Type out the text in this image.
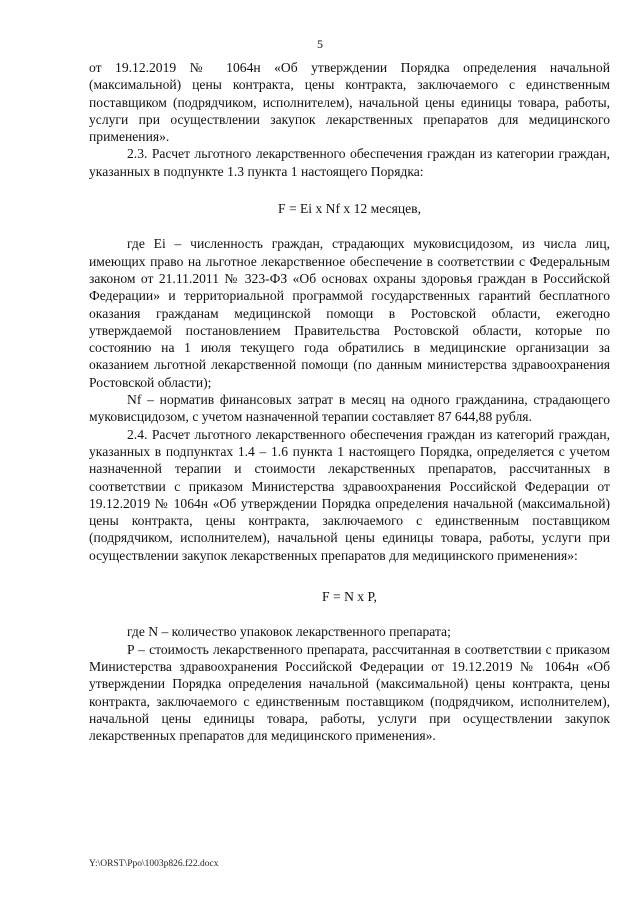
5

от 19.12.2019 № 1064н «Об утверждении Порядка определения начальной (максимальной) цены контракта, цены контракта, заключаемого с единственным поставщиком (подрядчиком, исполнителем), начальной цены единицы товара, работы, услуги при осуществлении закупок лекарственных препаратов для медицинского применения».

2.3. Расчет льготного лекарственного обеспечения граждан из категории граждан, указанных в подпункте 1.3 пункта 1 настоящего Порядка:

F = Ei x Nf x 12 месяцев,

где Ei – численность граждан, страдающих муковисцидозом, из числа лиц, имеющих право на льготное лекарственное обеспечение в соответствии с Федеральным законом от 21.11.2011 № 323-ФЗ «Об основах охраны здоровья граждан в Российской Федерации» и территориальной программой государственных гарантий бесплатного оказания гражданам медицинской помощи в Ростовской области, ежегодно утверждаемой постановлением Правительства Ростовской области, которые по состоянию на 1 июля текущего года обратились в медицинские организации за оказанием льготной лекарственной помощи (по данным министерства здравоохранения Ростовской области);

Nf – норматив финансовых затрат в месяц на одного гражданина, страдающего муковисцидозом, с учетом назначенной терапии составляет 87 644,88 рубля.

2.4. Расчет льготного лекарственного обеспечения граждан из категорий граждан, указанных в подпунктах 1.4 – 1.6 пункта 1 настоящего Порядка, определяется с учетом назначенной терапии и стоимости лекарственных препаратов, рассчитанных в соответствии с приказом Министерства здравоохранения Российской Федерации от 19.12.2019 № 1064н «Об утверждении Порядка определения начальной (максимальной) цены контракта, цены контракта, заключаемого с единственным поставщиком (подрядчиком, исполнителем), начальной цены единицы товара, работы, услуги при осуществлении закупок лекарственных препаратов для медицинского применения»:

F = N x P,

где N – количество упаковок лекарственного препарата;

P – стоимость лекарственного препарата, рассчитанная в соответствии с приказом Министерства здравоохранения Российской Федерации от 19.12.2019 № 1064н «Об утверждении Порядка определения начальной (максимальной) цены контракта, цены контракта, заключаемого с единственным поставщиком (подрядчиком, исполнителем), начальной цены единицы товара, работы, услуги при осуществлении закупок лекарственных препаратов для медицинского применения».

Y:\ORST\Ppo\1003p826.f22.docx
